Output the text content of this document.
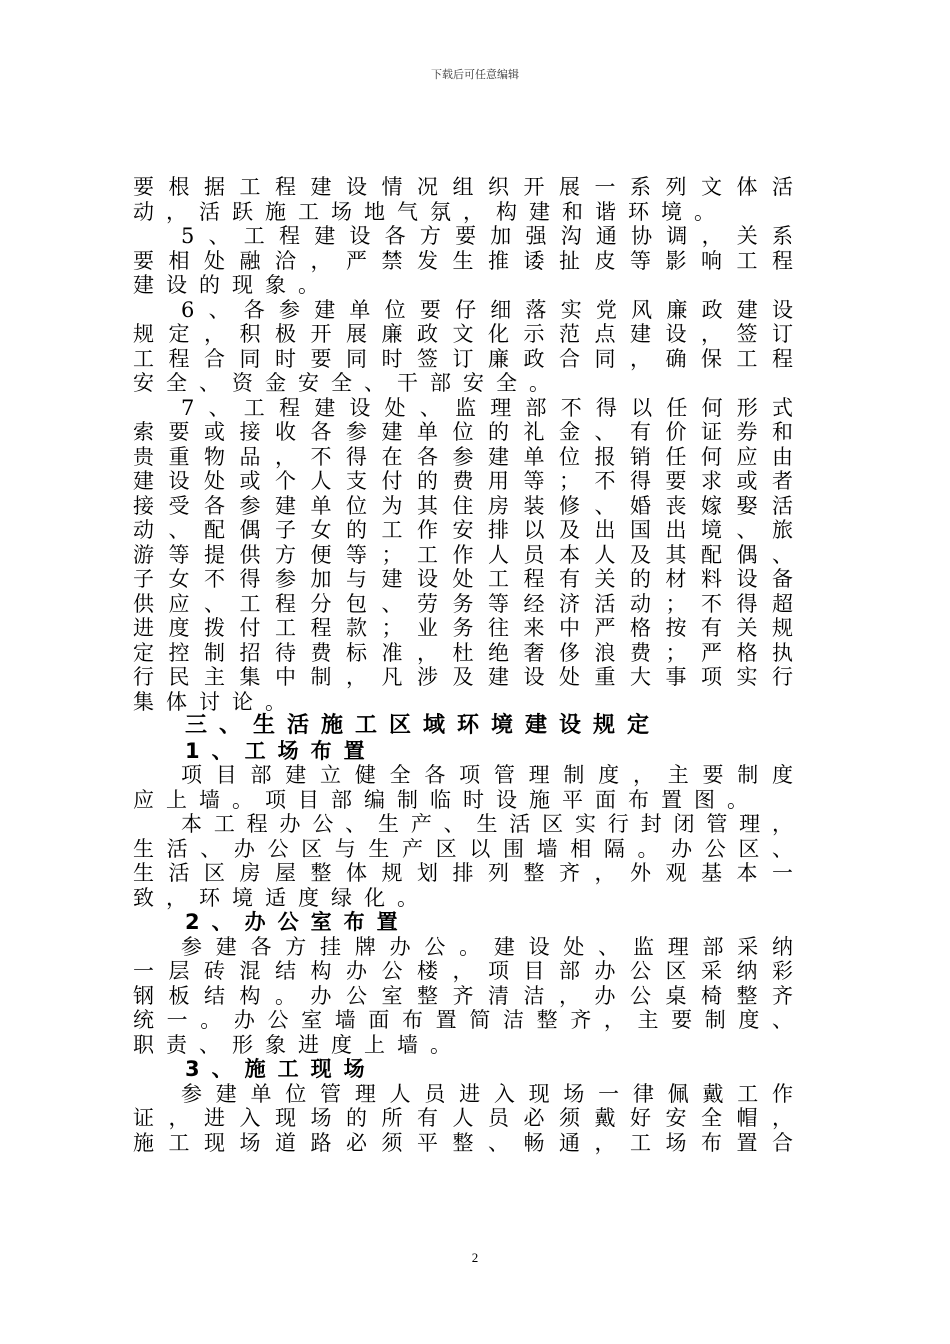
下载后可任意编辑
要根据工程建设情况组织开展一系列文体活
动，活跃施工场地气氛，构建和谐环境。
5、工程建设各方要加强沟通协调，关系
要相处融洽，严禁发生推诿扯皮等影响工程
建设的现象。
6、各参建单位要仔细落实党风廉政建设
规定，积极开展廉政文化示范点建设，签订
工程合同时要同时签订廉政合同，确保工程
安全、资金安全、干部安全。
7、工程建设处、监理部不得以任何形式
索要或接收各参建单位的礼金、有价证券和
贵重物品，不得在各参建单位报销任何应由
建设处或个人支付的费用等；不得要求或者
接受各参建单位为其住房装修、婚丧嫁娶活
动、配偶子女的工作安排以及出国出境、旅
游等提供方便等；工作人员本人及其配偶、
子女不得参加与建设处工程有关的材料设备
供应、工程分包、劳务等经济活动；不得超
进度拨付工程款；业务往来中严格按有关规
定控制招待费标准，杜绝奢侈浪费；严格执
行民主集中制，凡涉及建设处重大事项实行
集体讨论。
三、生活施工区域环境建设规定
1、工场布置
项目部建立健全各项管理制度，主要制度
应上墙。项目部编制临时设施平面布置图。
本工程办公、生产、生活区实行封闭管理，
生活、办公区与生产区以围墙相隔。办公区、
生活区房屋整体规划排列整齐，外观基本一
致，环境适度绿化。
2、办公室布置
参建各方挂牌办公。建设处、监理部采纳
一层砖混结构办公楼，项目部办公区采纳彩
钢板结构。办公室整齐清洁，办公桌椅整齐
统一。办公室墙面布置简洁整齐，主要制度、
职责、形象进度上墙。
3、施工现场
参建单位管理人员进入现场一律佩戴工作
证，进入现场的所有人员必须戴好安全帽，
施工现场道路必须平整、畅通，工场布置合
2
